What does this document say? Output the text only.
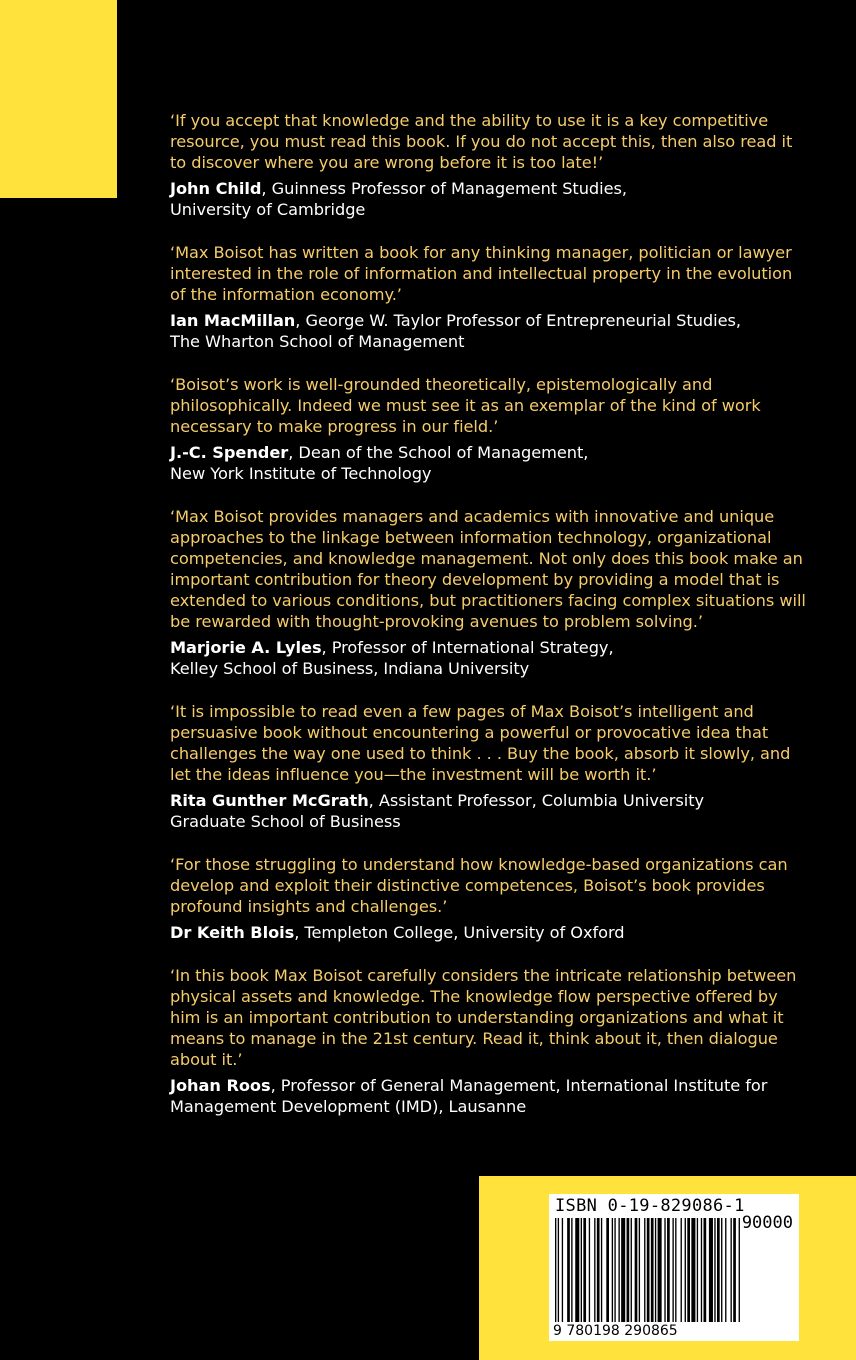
‘If you accept that knowledge and the ability to use it is a key competitive resource, you must read this book. If you do not accept this, then also read it to discover where you are wrong before it is too late!’

John Child, Guinness Professor of Management Studies,
University of Cambridge

‘Max Boisot has written a book for any thinking manager, politician or lawyer interested in the role of information and intellectual property in the evolution of the information economy.’

Ian MacMillan, George W. Taylor Professor of Entrepreneurial Studies,
The Wharton School of Management

‘Boisot’s work is well-grounded theoretically, epistemologically and philosophically. Indeed we must see it as an exemplar of the kind of work necessary to make progress in our field.’

J.-C. Spender, Dean of the School of Management,
New York Institute of Technology

‘Max Boisot provides managers and academics with innovative and unique approaches to the linkage between information technology, organizational competencies, and knowledge management. Not only does this book make an important contribution for theory development by providing a model that is extended to various conditions, but practitioners facing complex situations will be rewarded with thought-provoking avenues to problem solving.’

Marjorie A. Lyles, Professor of International Strategy,
Kelley School of Business, Indiana University

‘It is impossible to read even a few pages of Max Boisot’s intelligent and persuasive book without encountering a powerful or provocative idea that challenges the way one used to think . . . Buy the book, absorb it slowly, and let the ideas influence you—the investment will be worth it.’

Rita Gunther McGrath, Assistant Professor, Columbia University
Graduate School of Business

‘For those struggling to understand how knowledge-based organizations can develop and exploit their distinctive competences, Boisot’s book provides profound insights and challenges.’

Dr Keith Blois, Templeton College, University of Oxford

‘In this book Max Boisot carefully considers the intricate relationship between physical assets and knowledge. The knowledge flow perspective offered by him is an important contribution to understanding organizations and what it means to manage in the 21st century. Read it, think about it, then dialogue about it.’

Johan Roos, Professor of General Management, International Institute for
Management Development (IMD), Lausanne
ISBN 0-19-829086-1
90000
9 780198 290865
